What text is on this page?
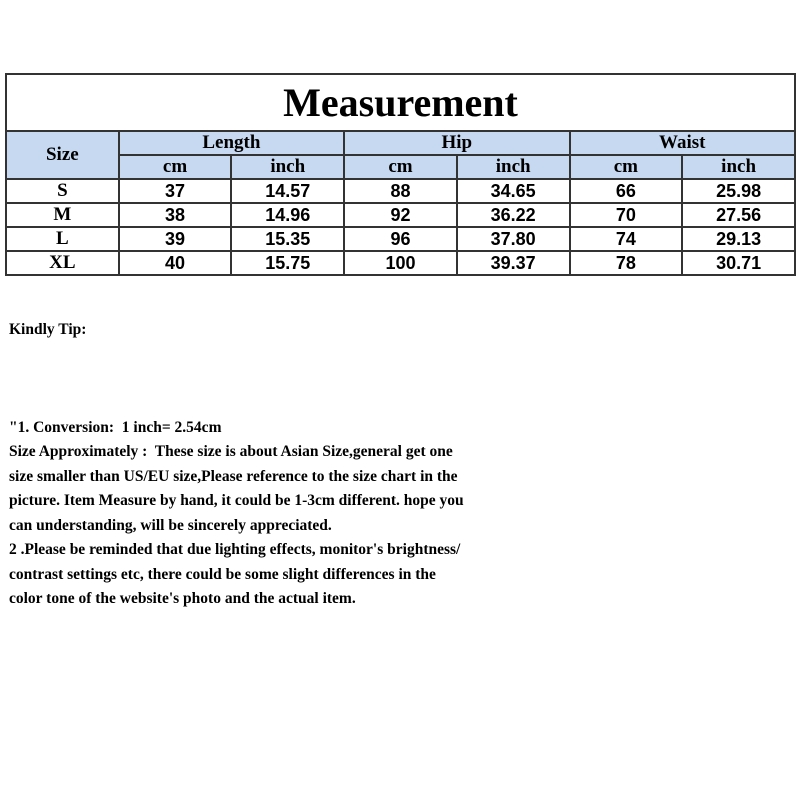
Measurement						
Size	Length		Hip		Waist	
	cm	inch	cm	inch	cm	inch
S	37	14.57	88	34.65	66	25.98
M	38	14.96	92	36.22	70	27.56
L	39	15.35	96	37.80	74	29.13
XL	40	15.75	100	39.37	78	30.71

Kindly Tip:

"1. Conversion:  1 inch= 2.54cm
Size Approximately :  These size is about Asian Size,general get one
size smaller than US/EU size,Please reference to the size chart in the
picture. Item Measure by hand, it could be 1-3cm different. hope you
can understanding, will be sincerely appreciated.
2 .Please be reminded that due lighting effects, monitor's brightness/
contrast settings etc, there could be some slight differences in the
color tone of the website's photo and the actual item.
